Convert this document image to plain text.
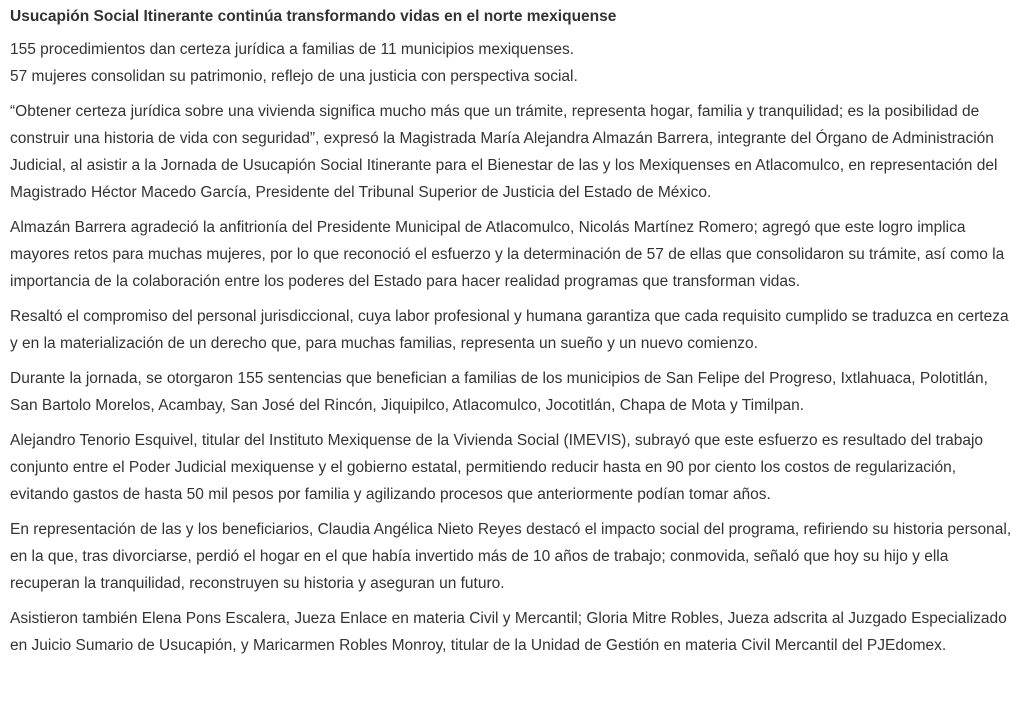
Usucapión Social Itinerante continúa transformando vidas en el norte mexiquense
155 procedimientos dan certeza jurídica a familias de 11 municipios mexiquenses.
57 mujeres consolidan su patrimonio, reflejo de una justicia con perspectiva social.

“Obtener certeza jurídica sobre una vivienda significa mucho más que un trámite, representa hogar, familia y tranquilidad; es la posibilidad de construir una historia de vida con seguridad”, expresó la Magistrada María Alejandra Almazán Barrera, integrante del Órgano de Administración Judicial, al asistir a la Jornada de Usucapión Social Itinerante para el Bienestar de las y los Mexiquenses en Atlacomulco, en representación del Magistrado Héctor Macedo García, Presidente del Tribunal Superior de Justicia del Estado de México.

Almazán Barrera agradeció la anfitrionía del Presidente Municipal de Atlacomulco, Nicolás Martínez Romero; agregó que este logro implica mayores retos para muchas mujeres, por lo que reconoció el esfuerzo y la determinación de 57 de ellas que consolidaron su trámite, así como la importancia de la colaboración entre los poderes del Estado para hacer realidad programas que transforman vidas.

Resaltó el compromiso del personal jurisdiccional, cuya labor profesional y humana garantiza que cada requisito cumplido se traduzca en certeza y en la materialización de un derecho que, para muchas familias, representa un sueño y un nuevo comienzo.

Durante la jornada, se otorgaron 155 sentencias que benefician a familias de los municipios de San Felipe del Progreso, Ixtlahuaca, Polotitlán, San Bartolo Morelos, Acambay, San José del Rincón, Jiquipilco, Atlacomulco, Jocotitlán, Chapa de Mota y Timilpan.

Alejandro Tenorio Esquivel, titular del Instituto Mexiquense de la Vivienda Social (IMEVIS), subrayó que este esfuerzo es resultado del trabajo conjunto entre el Poder Judicial mexiquense y el gobierno estatal, permitiendo reducir hasta en 90 por ciento los costos de regularización, evitando gastos de hasta 50 mil pesos por familia y agilizando procesos que anteriormente podían tomar años.

En representación de las y los beneficiarios, Claudia Angélica Nieto Reyes destacó el impacto social del programa, refiriendo su historia personal, en la que, tras divorciarse, perdió el hogar en el que había invertido más de 10 años de trabajo; conmovida, señaló que hoy su hijo y ella recuperan la tranquilidad, reconstruyen su historia y aseguran un futuro.

Asistieron también Elena Pons Escalera, Jueza Enlace en materia Civil y Mercantil; Gloria Mitre Robles, Jueza adscrita al Juzgado Especializado en Juicio Sumario de Usucapión, y Maricarmen Robles Monroy, titular de la Unidad de Gestión en materia Civil Mercantil del PJEdomex.
